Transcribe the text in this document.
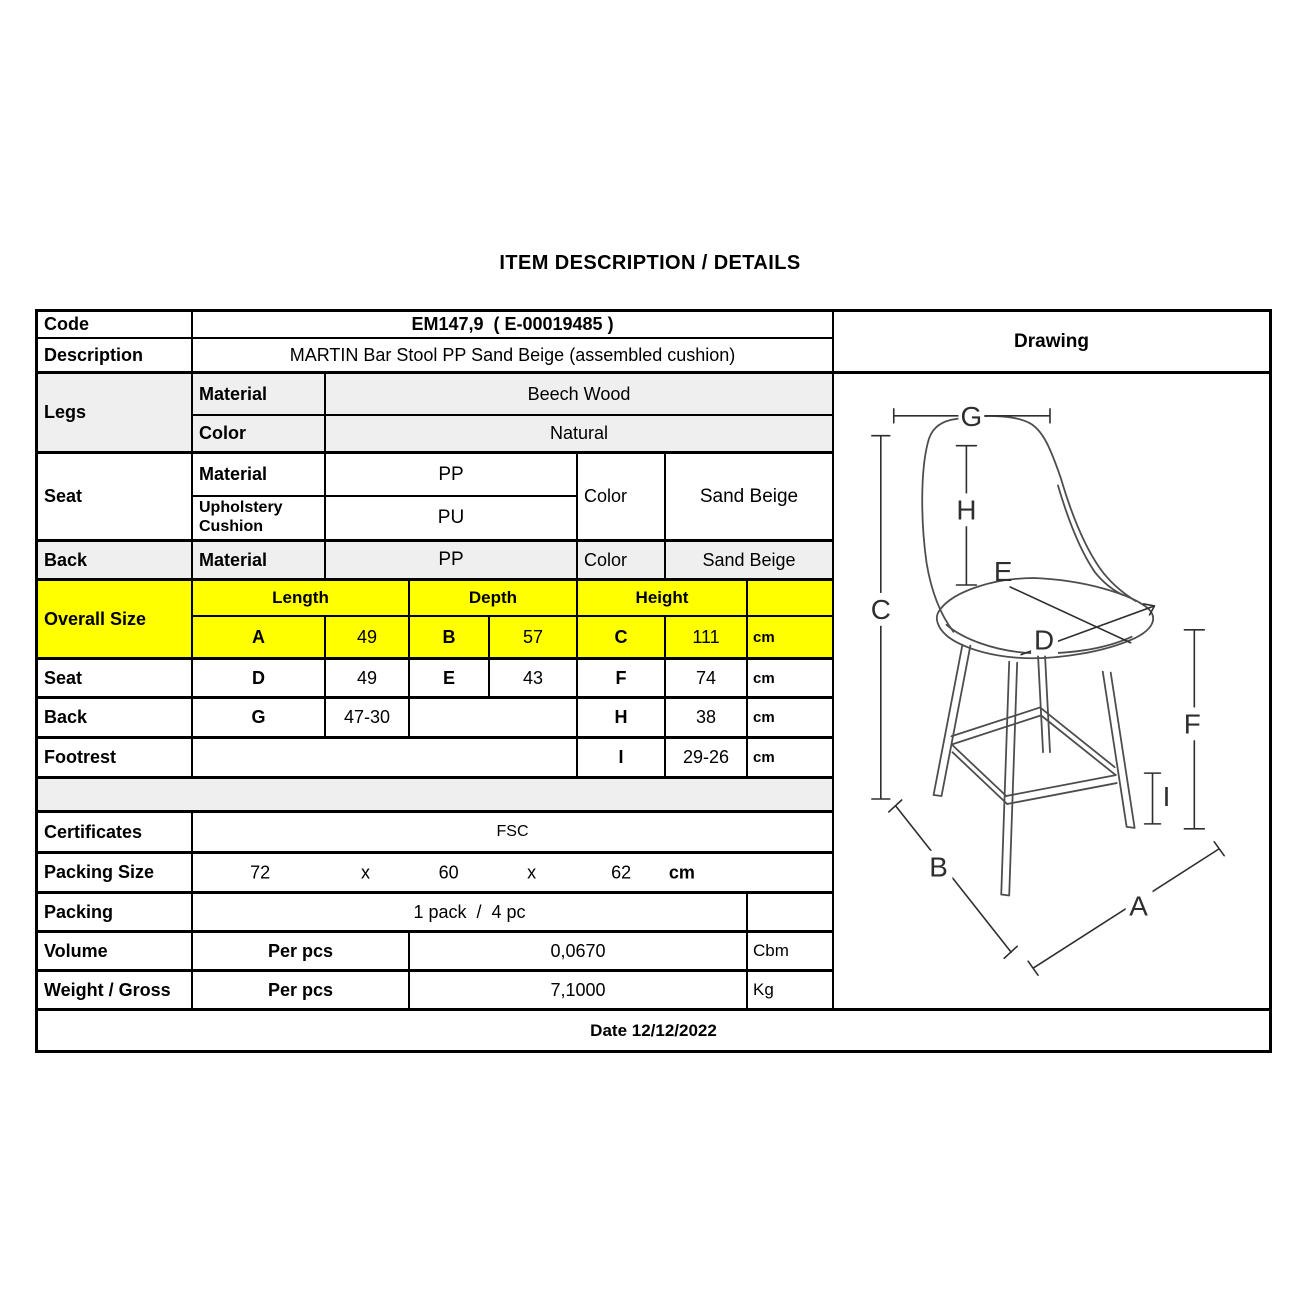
ITEM DESCRIPTION / DETAILS
Code	EM147,9  ( E-00019485 )
Drawing
Description	MARTIN Bar Stool PP Sand Beige (assembled cushion)
Legs
Material	Beech Wood
Color	Natural
Seat
Material	PP
Upholstery Cushion	PU
Color	Sand Beige
Back	Material	PP	Color	Sand Beige
Overall Size
Length	Depth	Height
A	49	B	57	C	111	cm
Seat	D	49	E	43	F	74	cm
Back	G	47-30	H	38	cm
Footrest	I	29-26	cm
Certificates	FSC
Packing Size	72	x	60	x	62 cm
Packing	1 pack  /  4 pc
Volume	Per pcs	0,0670	Cbm
Weight / Gross	Per pcs	7,1000	Kg
Date 12/12/2022
G
C
H
E
D
F
I
B
A
